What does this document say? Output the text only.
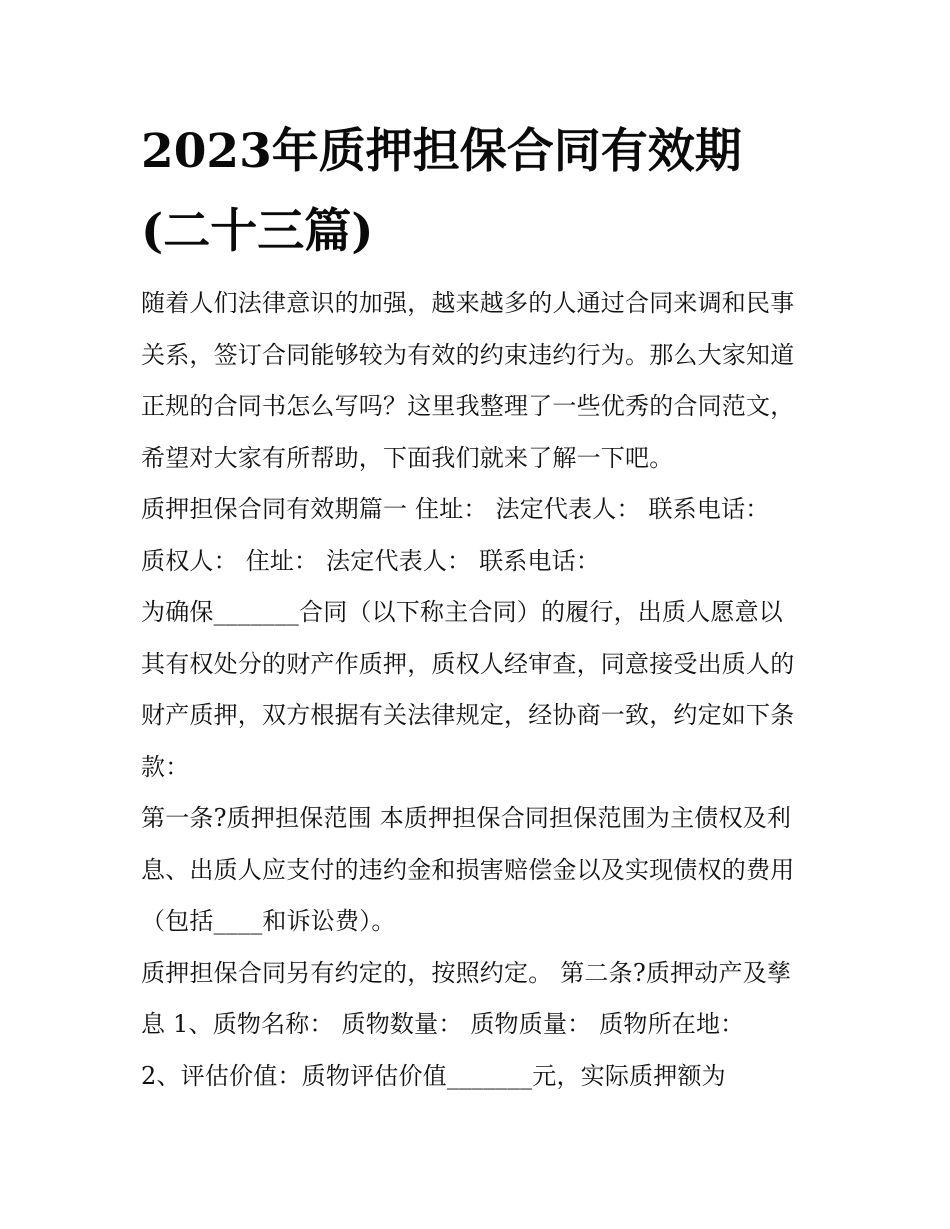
2023年质押担保合同有效期
(二十三篇)
随着人们法律意识的加强，越来越多的人通过合同来调和民事
关系，签订合同能够较为有效的约束违约行为。那么大家知道
正规的合同书怎么写吗？这里我整理了一些优秀的合同范文，
希望对大家有所帮助，下面我们就来了解一下吧。
质押担保合同有效期篇一 住址： 法定代表人： 联系电话：
质权人： 住址： 法定代表人： 联系电话：
为确保_______合同（以下称主合同）的履行，出质人愿意以
其有权处分的财产作质押，质权人经审查，同意接受出质人的
财产质押，双方根据有关法律规定，经协商一致，约定如下条
款：
第一条?质押担保范围 本质押担保合同担保范围为主债权及利
息、出质人应支付的违约金和损害赔偿金以及实现债权的费用
（包括____和诉讼费）。
质押担保合同另有约定的，按照约定。 第二条?质押动产及孳
息 1、质物名称： 质物数量： 质物质量： 质物所在地：
2、评估价值：质物评估价值_______元，实际质押额为
